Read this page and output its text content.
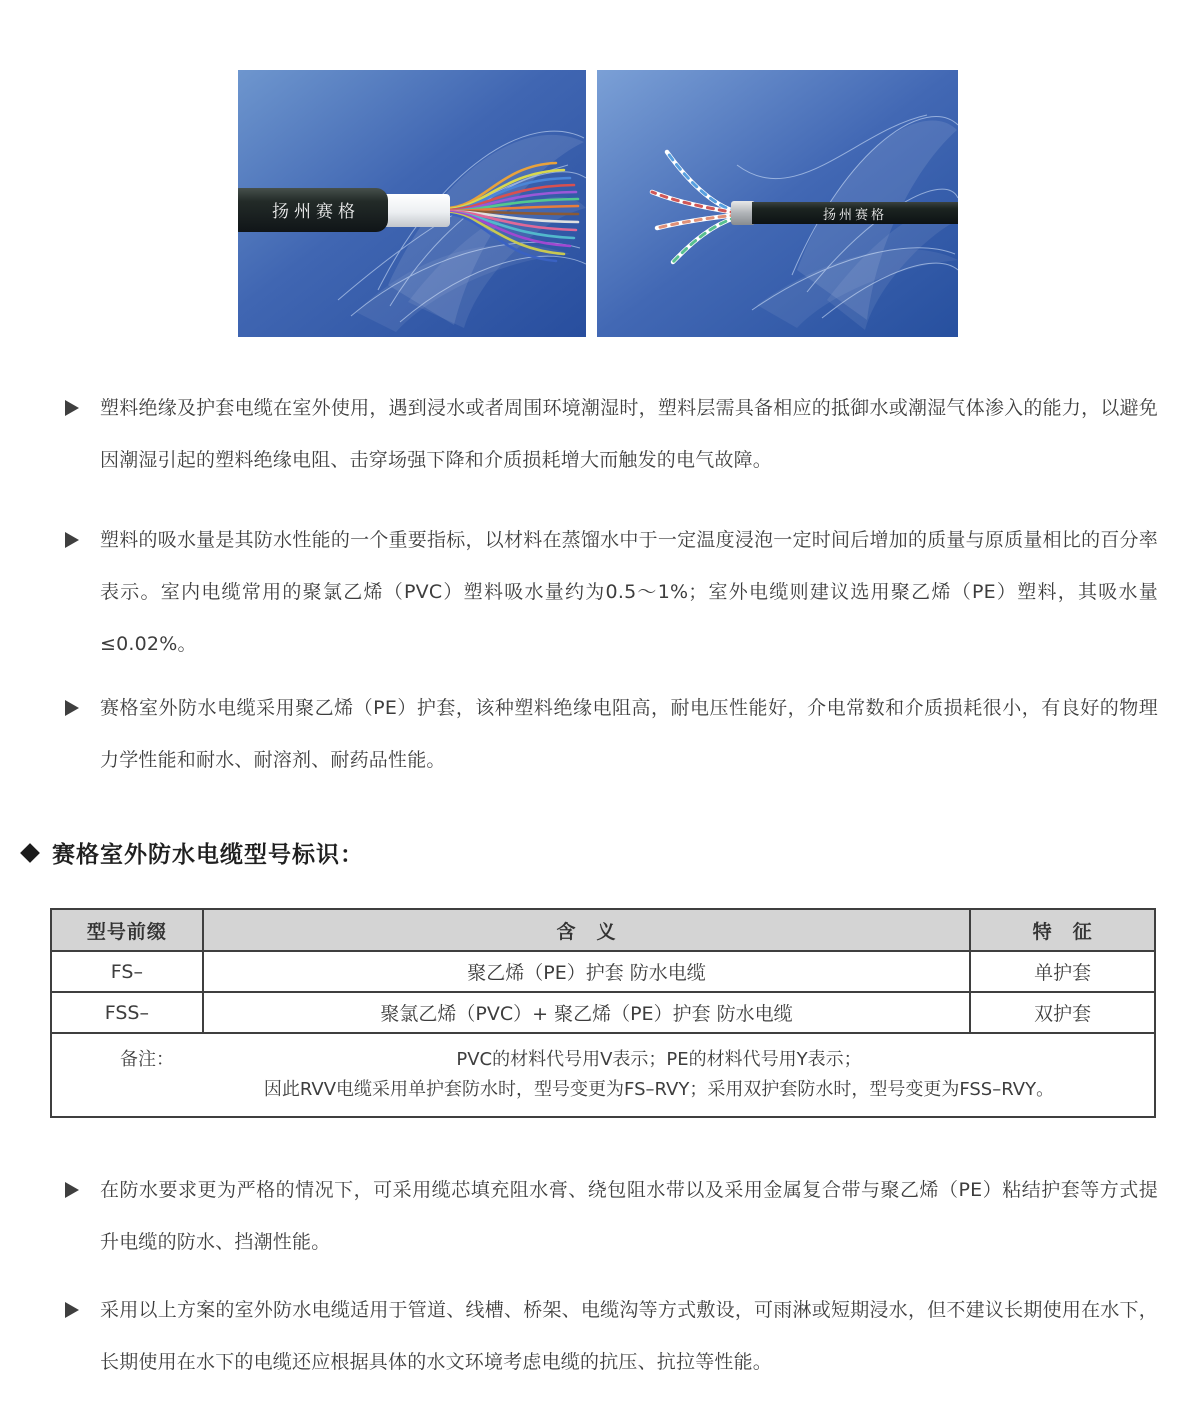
扬州赛格	扬州赛格

塑料绝缘及护套电缆在室外使用，遇到浸水或者周围环境潮湿时，塑料层需具备相应的抵御水或潮湿气体渗入的能力，以避免因潮湿引起的塑料绝缘电阻、击穿场强下降和介质损耗增大而触发的电气故障。

塑料的吸水量是其防水性能的一个重要指标，以材料在蒸馏水中于一定温度浸泡一定时间后增加的质量与原质量相比的百分率表示。室内电缆常用的聚氯乙烯（PVC）塑料吸水量约为0.5～1%；室外电缆则建议选用聚乙烯（PE）塑料，其吸水量≤0.02%。

赛格室外防水电缆采用聚乙烯（PE）护套，该种塑料绝缘电阻高，耐电压性能好，介电常数和介质损耗很小，有良好的物理力学性能和耐水、耐溶剂、耐药品性能。

赛格室外防水电缆型号标识：
型号前缀	含　义	特　征
FS–	聚乙烯（PE）护套 防水电缆	单护套
FSS–	聚氯乙烯（PVC）+ 聚乙烯（PE）护套 防水电缆	双护套

备注： PVC的材料代号用V表示；PE的材料代号用Y表示；
因此RVV电缆采用单护套防水时，型号变更为FS–RVY；采用双护套防水时，型号变更为FSS–RVY。		

在防水要求更为严格的情况下，可采用缆芯填充阻水膏、绕包阻水带以及采用金属复合带与聚乙烯（PE）粘结护套等方式提升电缆的防水、挡潮性能。

采用以上方案的室外防水电缆适用于管道、线槽、桥架、电缆沟等方式敷设，可雨淋或短期浸水，但不建议长期使用在水下，长期使用在水下的电缆还应根据具体的水文环境考虑电缆的抗压、抗拉等性能。
